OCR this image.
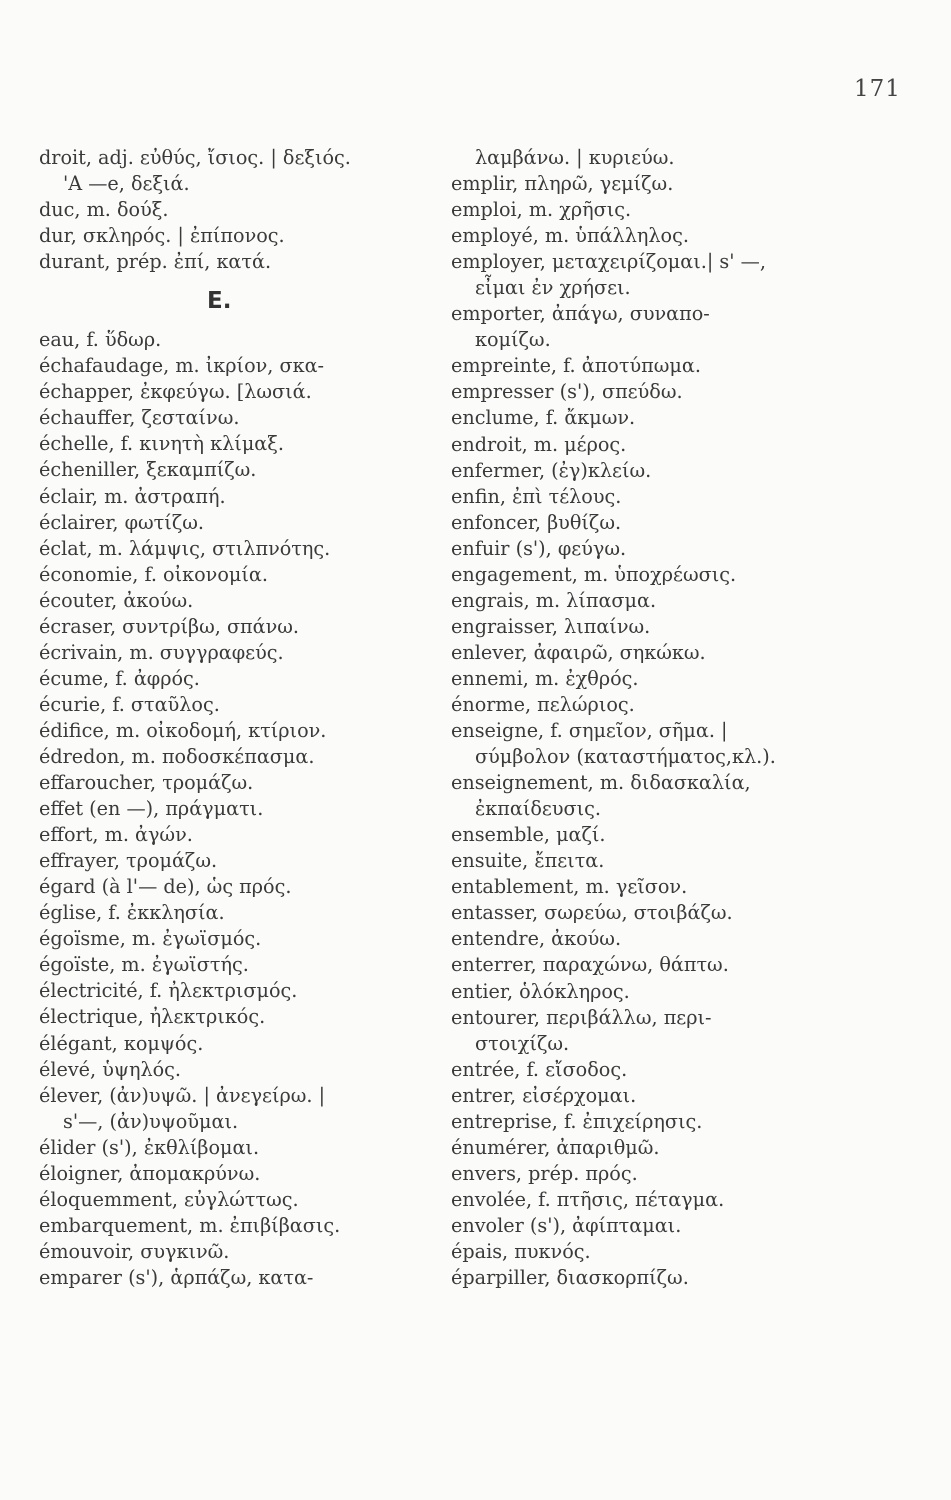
171
droit, adj. εὐθύς, ἴσιος. | δεξιός.
'A —e, δεξιά.
duc, m. δούξ.
dur, σκληρός. | ἐπίπονος.
durant, prép. ἐπί, κατά.
E.
eau, f. ὕδωρ.
échafaudage, m. ἰκρίον, σκα-
échapper, ἐκφεύγω. [λωσιά.
échauffer, ζεσταίνω.
échelle, f. κινητὴ κλίμαξ.
écheniller, ξεκαμπίζω.
éclair, m. ἀστραπή.
éclairer, φωτίζω.
éclat, m. λάμψις, στιλπνότης.
économie, f. οἰκονομία.
écouter, ἀκούω.
écraser, συντρίβω, σπάνω.
écrivain, m. συγγραφεύς.
écume, f. ἀφρός.
écurie, f. σταῦλος.
édifice, m. οἰκοδομή, κτίριον.
édredon, m. ποδοσκέπασμα.
effaroucher, τρομάζω.
effet (en —), πράγματι.
effort, m. ἀγών.
effrayer, τρομάζω.
égard (à l'— de), ὡς πρός.
église, f. ἐκκλησία.
égoïsme, m. ἐγωϊσμός.
égoïste, m. ἐγωϊστής.
électricité, f. ἠλεκτρισμός.
électrique, ἠλεκτρικός.
élégant, κομψός.
élevé, ὑψηλός.
élever, (ἀν)υψῶ. | ἀνεγείρω. |
s'—, (ἀν)υψοῦμαι.
élider (s'), ἐκθλίβομαι.
éloigner, ἀπομακρύνω.
éloquemment, εὐγλώττως.
embarquement, m. ἐπιβίβασις.
émouvoir, συγκινῶ.
emparer (s'), ἁρπάζω, κατα-
λαμβάνω. | κυριεύω.
emplir, πληρῶ, γεμίζω.
emploi, m. χρῆσις.
employé, m. ὑπάλληλος.
employer, μεταχειρίζομαι.| s' —,
εἶμαι ἐν χρήσει.
emporter, ἀπάγω, συναπο-
κομίζω.
empreinte, f. ἀποτύπωμα.
empresser (s'), σπεύδω.
enclume, f. ἄκμων.
endroit, m. μέρος.
enfermer, (ἐγ)κλείω.
enfin, ἐπὶ τέλους.
enfoncer, βυθίζω.
enfuir (s'), φεύγω.
engagement, m. ὑποχρέωσις.
engrais, m. λίπασμα.
engraisser, λιπαίνω.
enlever, ἀφαιρῶ, σηκώκω.
ennemi, m. ἐχθρός.
énorme, πελώριος.
enseigne, f. σημεῖον, σῆμα. |
σύμβολον (καταστήματος,κλ.).
enseignement, m. διδασκαλία,
ἐκπαίδευσις.
ensemble, μαζί.
ensuite, ἔπειτα.
entablement, m. γεῖσον.
entasser, σωρεύω, στοιβάζω.
entendre, ἀκούω.
enterrer, παραχώνω, θάπτω.
entier, ὁλόκληρος.
entourer, περιβάλλω, περι-
στοιχίζω.
entrée, f. εἴσοδος.
entrer, εἰσέρχομαι.
entreprise, f. ἐπιχείρησις.
énumérer, ἀπαριθμῶ.
envers, prép. πρός.
envolée, f. πτῆσις, πέταγμα.
envoler (s'), ἀφίπταμαι.
épais, πυκνός.
éparpiller, διασκορπίζω.
